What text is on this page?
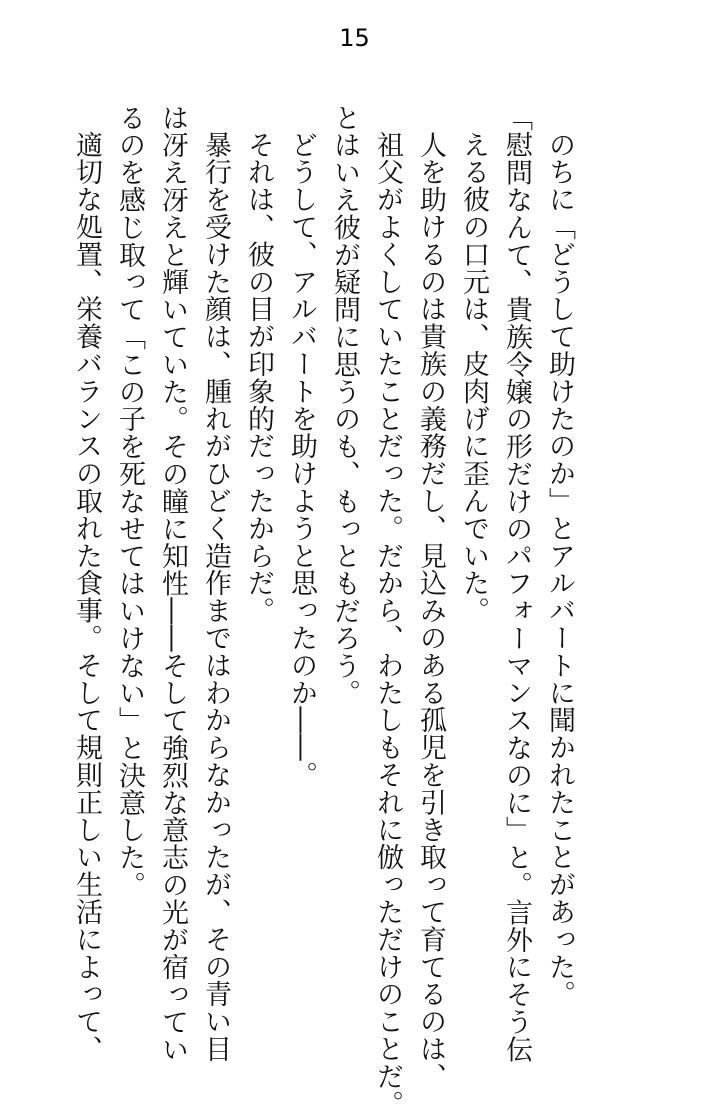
15
のちに「どうして助けたのか」とアルバートに聞かれたことがあった。
「慰問なんて、貴族令嬢の形だけのパフォーマンスなのに」と。言外にそう伝
える彼の口元は、皮肉げに歪んでいた。
人を助けるのは貴族の義務だし、見込みのある孤児を引き取って育てるのは、
祖父がよくしていたことだった。だから、わたしもそれに倣っただけのことだ。
とはいえ彼が疑問に思うのも、もっともだろう。
どうして、アルバートを助けようと思ったのか――。
それは、彼の目が印象的だったからだ。
暴行を受けた顔は、腫れがひどく造作まではわからなかったが、その青い目
は冴え冴えと輝いていた。その瞳に知性――そして強烈な意志の光が宿ってい
るのを感じ取って「この子を死なせてはいけない」と決意した。
適切な処置、栄養バランスの取れた食事。そして規則正しい生活によって、
